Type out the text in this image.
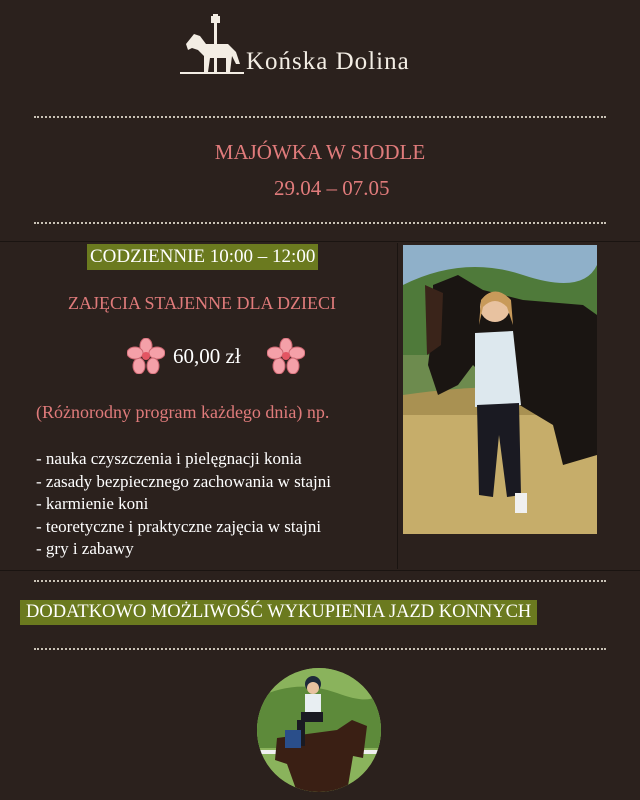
Końska Dolina
MAJÓWKA W SIODLE
29.04 – 07.05
CODZIENNIE 10:00 – 12:00
ZAJĘCIA STAJENNE DLA DZIECI
60,00 zł
(Różnorodny program każdego dnia) np.
- nauka czyszczenia i pielęgnacji konia
- zasady bezpiecznego zachowania w stajni
- karmienie koni
- teoretyczne i praktyczne zajęcia w stajni
- gry i zabawy
DODATKOWO MOŻLIWOŚĆ WYKUPIENIA JAZD KONNYCH
